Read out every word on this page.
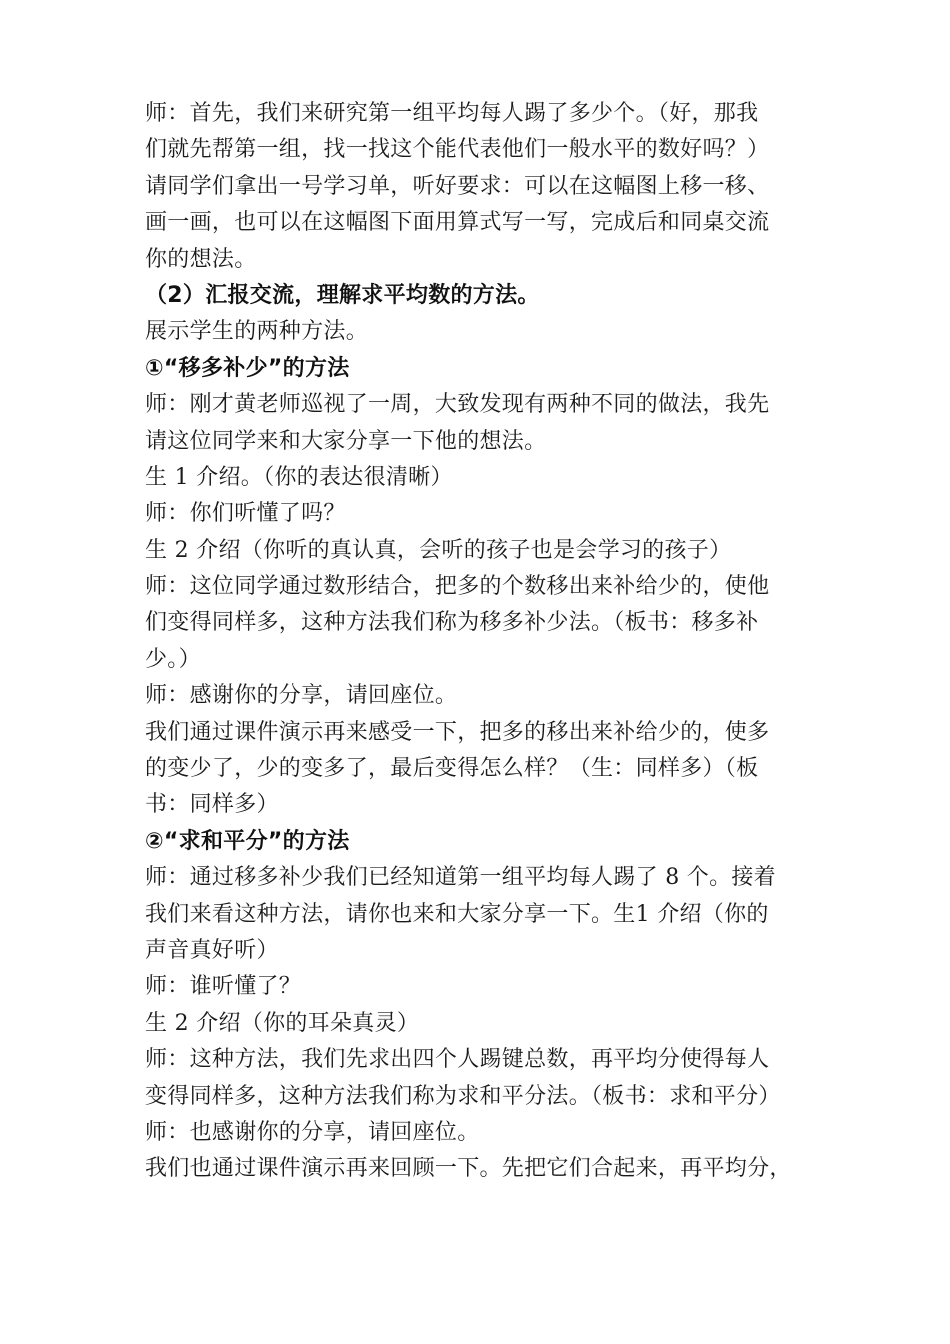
师：首先，我们来研究第一组平均每人踢了多少个。（好，那我
们就先帮第一组，找一找这个能代表他们一般水平的数好吗？）
请同学们拿出一号学习单，听好要求：可以在这幅图上移一移、
画一画，也可以在这幅图下面用算式写一写，完成后和同桌交流
你的想法。
（2）汇报交流，理解求平均数的方法。
展示学生的两种方法。
①“移多补少”的方法
师：刚才黄老师巡视了一周，大致发现有两种不同的做法，我先
请这位同学来和大家分享一下他的想法。
生 1 介绍。（你的表达很清晰）
师：你们听懂了吗？
生 2 介绍（你听的真认真，会听的孩子也是会学习的孩子）
师：这位同学通过数形结合，把多的个数移出来补给少的，使他
们变得同样多，这种方法我们称为移多补少法。（板书：移多补
少。）
师：感谢你的分享，请回座位。
我们通过课件演示再来感受一下，把多的移出来补给少的，使多
的变少了，少的变多了，最后变得怎么样？（生：同样多）（板
书：同样多）
②“求和平分”的方法
师：通过移多补少我们已经知道第一组平均每人踢了 8 个。接着
我们来看这种方法，请你也来和大家分享一下。生1 介绍（你的
声音真好听）
师：谁听懂了？
生 2 介绍（你的耳朵真灵）
师：这种方法，我们先求出四个人踢键总数，再平均分使得每人
变得同样多，这种方法我们称为求和平分法。（板书：求和平分）
师：也感谢你的分享，请回座位。
我们也通过课件演示再来回顾一下。先把它们合起来，再平均分，
